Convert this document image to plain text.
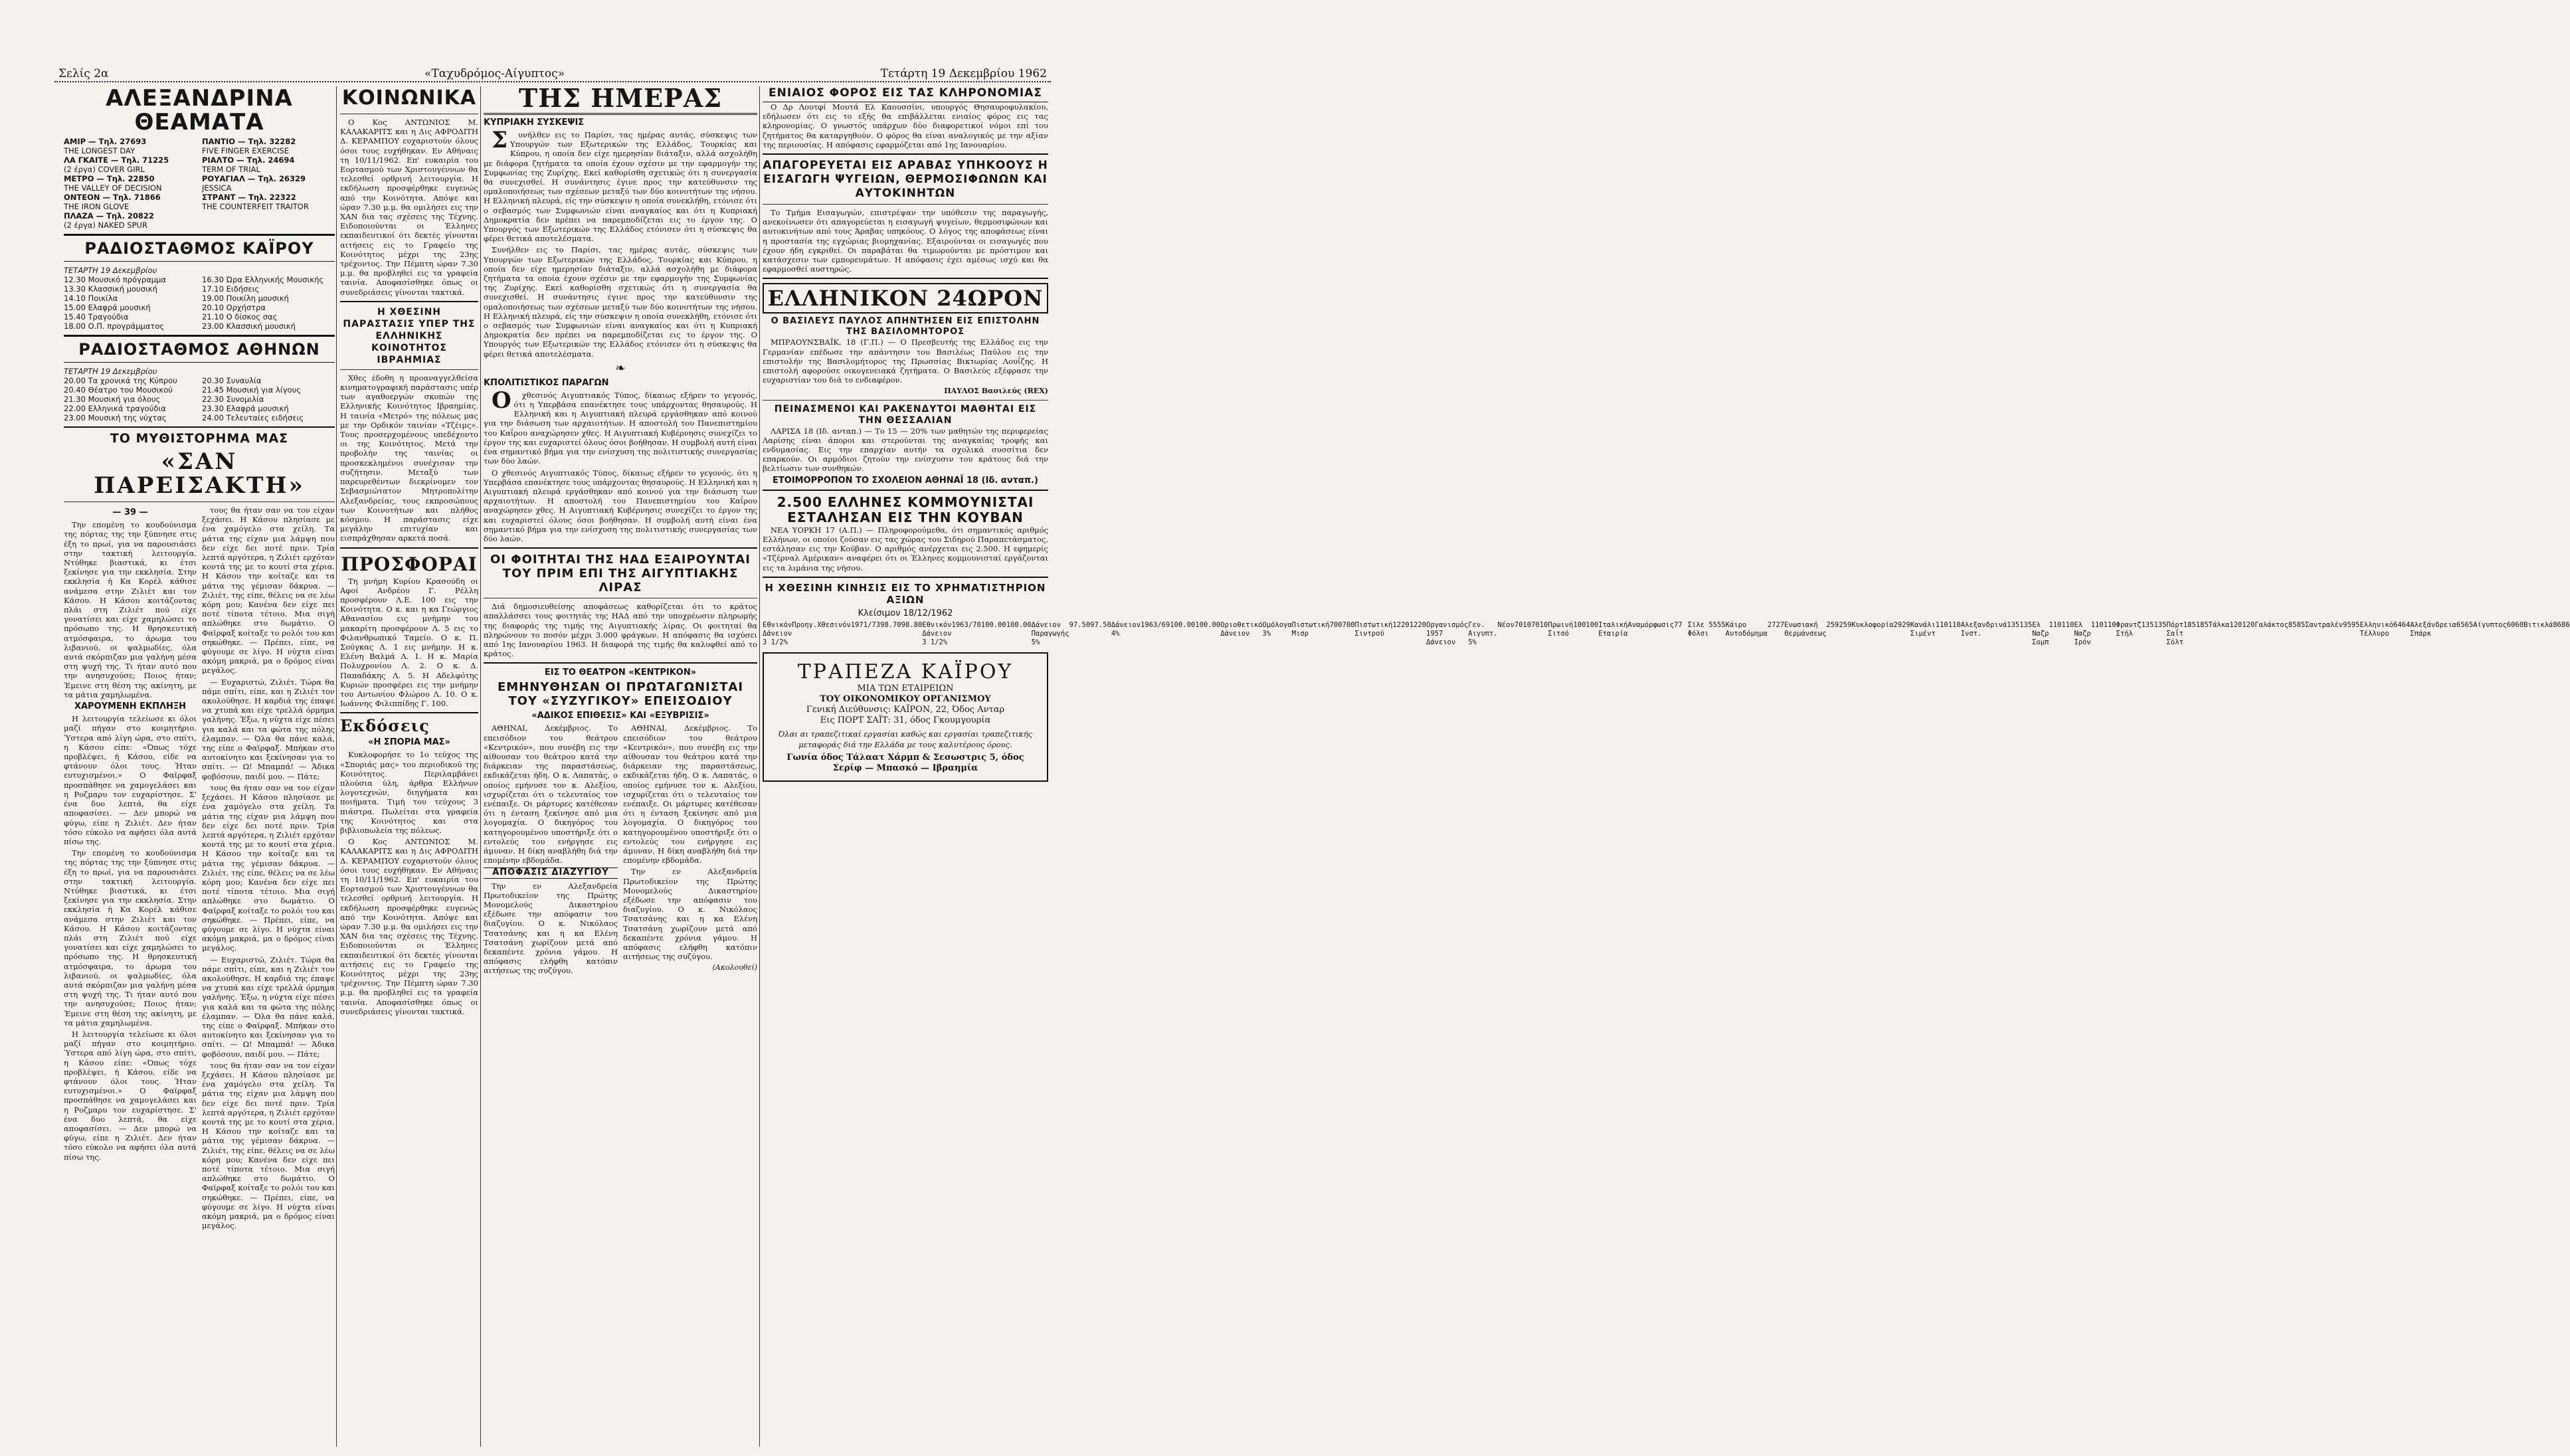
Σελίς 2α	«Ταχυδρόμος-Αίγυπτος»	Τετάρτη 19 Δεκεμβρίου 1962
ΑΛΕΞΑΝΔΡΙΝΑ ΘΕΑΜΑΤΑ
ΑΜΙΡ — Τηλ. 27693
THE LONGEST DAY
ΛΑ ΓΚΑΙΤΕ — Τηλ. 71225
(2 έργα) COVER GIRL
ΜΕΤΡΟ — Τηλ. 22850
THE VALLEY OF DECISION
ΟΝΤΕΟΝ — Τηλ. 71866
THE IRON GLOVE
ΠΛΑΖΑ — Τηλ. 20822
(2 έργα) NAKED SPUR
ΠΑΝΤΙΟ — Τηλ. 32282
FIVE FINGER EXERCISE
ΡΙΑΛΤΟ — Τηλ. 24694
TERM OF TRIAL
ΡΟΥΑΓΙΑΛ — Τηλ. 26329
JESSICA
ΣΤΡΑΝΤ — Τηλ. 22322
THE COUNTERFEIT TRAITOR
ΡΑΔΙΟΣΤΑΘΜΟΣ ΚΑΪΡΟΥ
ΤΕΤΑΡΤΗ 19 Δεκεμβρίου
12.30 Μουσικό πρόγραμμα
13.30 Κλασσική μουσική
14.10 Ποικίλα
15.00 Ελαφρά μουσική
15.40 Τραγούδια
18.00 Ο.Π. προγράμματος
16.30 Ώρα Ελληνικής Μουσικής
17.10 Ειδήσεις
19.00 Ποικίλη μουσική
20.10 Ορχήστρα
21.10 Ο δίσκος σας
23.00 Κλασσική μουσική
ΡΑΔΙΟΣΤΑΘΜΟΣ ΑΘΗΝΩΝ
ΤΕΤΑΡΤΗ 19 Δεκεμβρίου
20.00 Τα χρονικά της Κύπρου
20.40 Θέατρο του Μουσικού
21.30 Μουσική για όλους
22.00 Ελληνικά τραγούδια
23.00 Μουσική της νύχτας
20.30 Συναυλία
21.45 Μουσική για λίγους
22.30 Συνομιλία
23.30 Ελαφρά μουσική
24.00 Τελευταίες ειδήσεις
ΤΟ ΜΥΘΙΣΤΟΡΗΜΑ ΜΑΣ
«ΣΑΝ ΠΑΡΕΙΣΑΚΤΗ»
— 39 —

Την επομένη το κουδούνισμα της πόρτας της την ξύπνησε στις έξη το πρωί, για να παρουσιάσει στην τακτική λειτουργία. Ντύθηκε βιαστικά, κι έτσι ξεκίνησε για την εκκλησία. Στην εκκλησία ή Κα Κορέλ κάθισε ανάμεσα στην Ζιλιέτ και τον Κάσου. Η Κάσου κοιτάζοντας πλάι στη Ζιλιέτ πού είχε γονατίσει και είχε χαμηλώσει το πρόσωπο της. Η θρησκευτική ατμόσφαιρα, το άρωμα του λιβανιού, οι ψαλμωδίες, όλα αυτά σκόρπιζαν μια γαλήνη μέσα στη ψυχή της. Τι ήταν αυτό που την ανησυχούσε; Ποιος ήταν; Έμεινε στη θέση της ακίνητη, με τα μάτια χαμηλωμένα.

ΧΑΡΟΥΜΕΝΗ ΕΚΠΛΗΞΗ

Η λειτουργία τελείωσε κι όλοι μαζί πήγαν στο κοιμητήριο. Ύστερα από λίγη ώρα, στο σπίτι, η Κάσου είπε: «Όπως τόχε προβλέψει, ή Κάσου, είδε να φτάνουν όλοι τους. Ήταν ευτυχισμένοι.» Ο Φαϊρφαξ προσπάθησε να χαμογελάσει και η Ροζμαρυ τον ευχαρίστησε. Σ' ένα δυο λεπτά, θα είχε αποφασίσει. — Δεν μπορώ να φύγω, είπε η Ζιλιέτ. Δεν ήταν τόσο εύκολο να αφήσει όλα αυτά πίσω της.

Την επομένη το κουδούνισμα της πόρτας της την ξύπνησε στις έξη το πρωί, για να παρουσιάσει στην τακτική λειτουργία. Ντύθηκε βιαστικά, κι έτσι ξεκίνησε για την εκκλησία. Στην εκκλησία ή Κα Κορέλ κάθισε ανάμεσα στην Ζιλιέτ και τον Κάσου. Η Κάσου κοιτάζοντας πλάι στη Ζιλιέτ πού είχε γονατίσει και είχε χαμηλώσει το πρόσωπο της. Η θρησκευτική ατμόσφαιρα, το άρωμα του λιβανιού, οι ψαλμωδίες, όλα αυτά σκόρπιζαν μια γαλήνη μέσα στη ψυχή της. Τι ήταν αυτό που την ανησυχούσε; Ποιος ήταν; Έμεινε στη θέση της ακίνητη, με τα μάτια χαμηλωμένα.

Η λειτουργία τελείωσε κι όλοι μαζί πήγαν στο κοιμητήριο. Ύστερα από λίγη ώρα, στο σπίτι, η Κάσου είπε: «Όπως τόχε προβλέψει, ή Κάσου, είδε να φτάνουν όλοι τους. Ήταν ευτυχισμένοι.» Ο Φαϊρφαξ προσπάθησε να χαμογελάσει και η Ροζμαρυ τον ευχαρίστησε. Σ' ένα δυο λεπτά, θα είχε αποφασίσει. — Δεν μπορώ να φύγω, είπε η Ζιλιέτ. Δεν ήταν τόσο εύκολο να αφήσει όλα αυτά πίσω της.

τους θα ήταν σαν να τον είχαν ξεχάσει. Η Κάσου πλησίασε με ένα χαμόγελο στα χείλη. Τα μάτια της είχαν μια λάμψη που δεν είχε δει ποτέ πριν. Τρία λεπτά αργότερα, η Ζιλιέτ ερχόταν κοντά της με το κουτί στα χέρια. Η Κάσου την κοίταζε και τα μάτια της γέμισαν δάκρυα. — Ζιλιέτ, της είπε, θέλεις να σε λέω κόρη μου; Κανένα δεν είχε πει ποτέ τίποτα τέτοιο. Μια σιγή απλώθηκε στο δωμάτιο. Ο Φαϊρφαξ κοίταξε το ρολόι του και σηκώθηκε. — Πρέπει, είπε, να φύγουμε σε λίγο. Η νύχτα είναι ακόμη μακριά, μα ο δρόμος είναι μεγάλος.

— Ευχαριστώ, Ζιλιέτ. Τώρα θα πάμε σπίτι, είπε, και η Ζιλιέτ τον ακολούθησε. Η καρδιά της έπαψε να χτυπά και είχε τρελλά όρμημα γαλήνης. Έξω, η νύχτα είχε πέσει για καλά και τα φώτα της πόλης έλαμπαν. — Όλα θα πάνε καλά, της είπε ο Φαϊρφαξ. Μπήκαν στο αυτοκίνητο και ξεκίνησαν για το σπίτι. — Ω! Μπαμπά! — Άδικα φοβόσουν, παιδί μου. — Πάτε;

τους θα ήταν σαν να τον είχαν ξεχάσει. Η Κάσου πλησίασε με ένα χαμόγελο στα χείλη. Τα μάτια της είχαν μια λάμψη που δεν είχε δει ποτέ πριν. Τρία λεπτά αργότερα, η Ζιλιέτ ερχόταν κοντά της με το κουτί στα χέρια. Η Κάσου την κοίταζε και τα μάτια της γέμισαν δάκρυα. — Ζιλιέτ, της είπε, θέλεις να σε λέω κόρη μου; Κανένα δεν είχε πει ποτέ τίποτα τέτοιο. Μια σιγή απλώθηκε στο δωμάτιο. Ο Φαϊρφαξ κοίταξε το ρολόι του και σηκώθηκε. — Πρέπει, είπε, να φύγουμε σε λίγο. Η νύχτα είναι ακόμη μακριά, μα ο δρόμος είναι μεγάλος.

— Ευχαριστώ, Ζιλιέτ. Τώρα θα πάμε σπίτι, είπε, και η Ζιλιέτ τον ακολούθησε. Η καρδιά της έπαψε να χτυπά και είχε τρελλά όρμημα γαλήνης. Έξω, η νύχτα είχε πέσει για καλά και τα φώτα της πόλης έλαμπαν. — Όλα θα πάνε καλά, της είπε ο Φαϊρφαξ. Μπήκαν στο αυτοκίνητο και ξεκίνησαν για το σπίτι. — Ω! Μπαμπά! — Άδικα φοβόσουν, παιδί μου. — Πάτε;

τους θα ήταν σαν να τον είχαν ξεχάσει. Η Κάσου πλησίασε με ένα χαμόγελο στα χείλη. Τα μάτια της είχαν μια λάμψη που δεν είχε δει ποτέ πριν. Τρία λεπτά αργότερα, η Ζιλιέτ ερχόταν κοντά της με το κουτί στα χέρια. Η Κάσου την κοίταζε και τα μάτια της γέμισαν δάκρυα. — Ζιλιέτ, της είπε, θέλεις να σε λέω κόρη μου; Κανένα δεν είχε πει ποτέ τίποτα τέτοιο. Μια σιγή απλώθηκε στο δωμάτιο. Ο Φαϊρφαξ κοίταξε το ρολόι του και σηκώθηκε. — Πρέπει, είπε, να φύγουμε σε λίγο. Η νύχτα είναι ακόμη μακριά, μα ο δρόμος είναι μεγάλος.

ΚΟΙΝΩΝΙΚΑ

Ο Κος ΑΝΤΩΝΙΟΣ Μ. ΚΑΛΑΚΑΡΙΤΣ και η Δις ΑΦΡΟΔΙΤΗ Δ. ΚΕΡΑΜΠΟΥ ευχαριστούν όλους όσοι τους ευχήθηκαν. Εν Αθήναις τη 10/11/1962. Επ' ευκαιρία του Εορτασμού των Χριστουγέννων θα τελεσθεί ορθρινή λειτουργία. Η εκδήλωση προσφέρθηκε ευγενώς από την Κοινότητα. Απόψε και ώραν 7.30 μ.μ. θα ομιλήσει εις την ΧΑΝ δια τας σχέσεις της Τέχνης. Ειδοποιούνται οι Έλληνες εκπαιδευτικοί ότι δεκτές γίνονται αιτήσεις εις το Γραφείο της Κοινότητος μέχρι της 23ης τρέχοντος. Την Πέμπτη ώραν 7.30 μ.μ. θα προβληθεί εις τα γραφεία ταινία. Αποφασίσθηκε όπως οι συνεδριάσεις γίνονται τακτικά.

Η ΧΘΕΣΙΝΗ ΠΑΡΑΣΤΑΣΙΣ ΥΠΕΡ ΤΗΣ ΕΛΛΗΝΙΚΗΣ ΚΟΙΝΟΤΗΤΟΣ ΙΒΡΑΗΜΙΑΣ

Χθες έδοθη η προαναγγελθείσα κινηματογραφική παράστασις υπέρ των αγαθοεργών σκοπών της Ελληνικής Κοινότητος Ιβραημίας. Η ταινία «Μετρό» της πόλεως μας με την Ορδικόν ταινίαν «Τζέιμς». Τους προσερχομένους υπεδέχοντο οι της Κοινότητος. Μετά την προβολήν της ταινίας οι προσκεκλημένοι συνέχισαν την συζήτησιν. Μεταξύ των παρευρεθέντων διεκρίνομεν τον Σεβασμιώτατον Μητροπολίτην Αλεξανδρείας, τους εκπροσώπους των Κοινοτήτων και πλήθος κόσμου. Η παράστασις είχε μεγάλην επιτυχίαν και εισπράχθησαν αρκετά ποσά.

ΠΡΟΣΦΟΡΑΙ

Τη μνήμη Κυρίου Κρασούδη οι Αφοί Ανδρέου Γ. Ρέλλη προσφέρουν Λ.Ε. 100 εις την Κοινότητα. Ο κ. και η κα Γεώργιος Αθανασίου εις μνήμην του μακαρίτη προσφέρουν Λ. 5 εις το Φιλανθρωπικό Ταμείο. Ο κ. Π. Σούγκας Λ. 1 εις μνήμην. Η κ. Ελένη Βαλμά Λ. 1. Η κ. Μαρία Πολυχρονίου Λ. 2. Ο κ. Δ. Παπαδάκης Λ. 5. Η Αδελφότης Κυριών προσφέρει εις την μνήμην του Αντωνίου Φλώρου Λ. 10. Ο κ. Ιωάννης Φιλιππίδης Γ. 100.

Εκδόσεις
«Η ΣΠΟΡΙΑ ΜΑΣ»

Κυκλοφορήσε το 1ο τεύχος της «Σποριάς μας» του περιοδικού της Κοινότητος. Περιλαμβάνει πλούσια ύλη, άρθρα Ελλήνων λογοτεχνών, διηγήματα και ποιήματα. Τιμή του τεύχους 3 πιάστρα. Πωλείται στα γραφεία της Κοινότητος και στα βιβλιοπωλεία της πόλεως.

Ο Κος ΑΝΤΩΝΙΟΣ Μ. ΚΑΛΑΚΑΡΙΤΣ και η Δις ΑΦΡΟΔΙΤΗ Δ. ΚΕΡΑΜΠΟΥ ευχαριστούν όλους όσοι τους ευχήθηκαν. Εν Αθήναις τη 10/11/1962. Επ' ευκαιρία του Εορτασμού των Χριστουγέννων θα τελεσθεί ορθρινή λειτουργία. Η εκδήλωση προσφέρθηκε ευγενώς από την Κοινότητα. Απόψε και ώραν 7.30 μ.μ. θα ομιλήσει εις την ΧΑΝ δια τας σχέσεις της Τέχνης. Ειδοποιούνται οι Έλληνες εκπαιδευτικοί ότι δεκτές γίνονται αιτήσεις εις το Γραφείο της Κοινότητος μέχρι της 23ης τρέχοντος. Την Πέμπτη ώραν 7.30 μ.μ. θα προβληθεί εις τα γραφεία ταινία. Αποφασίσθηκε όπως οι συνεδριάσεις γίνονται τακτικά.

ΤΗΣ ΗΜΕΡΑΣ
ΚΥΠΡΙΑΚΗ ΣΥΣΚΕΨΙΣ

Συνήλθεν εις το Παρίσι, τας ημέρας αυτάς, σύσκεψις των Υπουργών των Εξωτερικών της Ελλάδος, Τουρκίας και Κύπρου, η οποία δεν είχε ημερησίαν διάταξιν, αλλά ασχολήθη με διάφορα ζητήματα τα οποία έχουν σχέσιν με την εφαρμογήν της Συμφωνίας της Ζυρίχης. Εκεί καθορίσθη σχετικώς ότι η συνεργασία θα συνεχισθεί. Η συνάντησις έγινε προς την κατεύθυνσιν της ομαλοποιήσεως των σχέσεων μεταξύ των δύο κοινοτήτων της νήσου. Η Ελληνική πλευρά, είς την σύσκεψιν η οποία συνεκλήθη, ετόνισε ότι ο σεβασμός των Συμφωνιών είναι αναγκαίος και ότι η Κυπριακή Δημοκρατία δεν πρέπει να παρεμποδίζεται εις το έργον της. Ο Υπουργός των Εξωτερικών της Ελλάδος ετόνισεν ότι η σύσκεψις θα φέρει θετικά αποτελέσματα.

Συνήλθεν εις το Παρίσι, τας ημέρας αυτάς, σύσκεψις των Υπουργών των Εξωτερικών της Ελλάδος, Τουρκίας και Κύπρου, η οποία δεν είχε ημερησίαν διάταξιν, αλλά ασχολήθη με διάφορα ζητήματα τα οποία έχουν σχέσιν με την εφαρμογήν της Συμφωνίας της Ζυρίχης. Εκεί καθορίσθη σχετικώς ότι η συνεργασία θα συνεχισθεί. Η συνάντησις έγινε προς την κατεύθυνσιν της ομαλοποιήσεως των σχέσεων μεταξύ των δύο κοινοτήτων της νήσου. Η Ελληνική πλευρά, είς την σύσκεψιν η οποία συνεκλήθη, ετόνισε ότι ο σεβασμός των Συμφωνιών είναι αναγκαίος και ότι η Κυπριακή Δημοκρατία δεν πρέπει να παρεμποδίζεται εις το έργον της. Ο Υπουργός των Εξωτερικών της Ελλάδος ετόνισεν ότι η σύσκεψις θα φέρει θετικά αποτελέσματα.

❧
ΚΠΟΛΙΤΙΣΤΙΚΟΣ ΠΑΡΑΓΩΝ

Οχθεσινός Αιγυπτιακός Τύπος, δίκαιως εξήρεν το γεγονός, ότι η Υπερβάσα επανέκτησε τους υπάρχοντας θησαυρούς. Η Ελληνική και η Αιγυπτιακή πλευρά εργάσθηκαν από κοινού για την διάσωση των αρχαιοτήτων. Η αποστολή του Πανεπιστημίου του Καΐρου αναχώρησεν χθες. Η Αιγυπτιακή Κυβέρνησις συνεχίζει το έργον της και ευχαριστεί όλους όσοι βοήθησαν. Η συμβολή αυτή είναι ένα σημαντικό βήμα για την ενίσχυση της πολιτιστικής συνεργασίας των δύο λαών.

Ο χθεσινός Αιγυπτιακός Τύπος, δίκαιως εξήρεν το γεγονός, ότι η Υπερβάσα επανέκτησε τους υπάρχοντας θησαυρούς. Η Ελληνική και η Αιγυπτιακή πλευρά εργάσθηκαν από κοινού για την διάσωση των αρχαιοτήτων. Η αποστολή του Πανεπιστημίου του Καΐρου αναχώρησεν χθες. Η Αιγυπτιακή Κυβέρνησις συνεχίζει το έργον της και ευχαριστεί όλους όσοι βοήθησαν. Η συμβολή αυτή είναι ένα σημαντικό βήμα για την ενίσχυση της πολιτιστικής συνεργασίας των δύο λαών.

ΟΙ ΦΟΙΤΗΤΑΙ ΤΗΣ ΗΑΔ ΕΞΑΙΡΟΥΝΤΑΙ ΤΟΥ ΠΡΙΜ ΕΠΙ ΤΗΣ ΑΙΓΥΠΤΙΑΚΗΣ ΛΙΡΑΣ

Διά δημοσιευθείσης αποφάσεως καθορίζεται ότι το κράτος απαλλάσσει τους φοιτητάς της ΗΑΔ από την υποχρέωσιν πληρωμής της διαφοράς της τιμής της Αιγυπτιακής λίρας. Οι φοιτηταί θα πληρώνουν το ποσόν μέχρι 3.000 φράγκων. Η απόφασις θα ισχύσει από 1ης Ιανουαρίου 1963. Η διαφορά της τιμής θα καλυφθεί από το κράτος.

ΕΙΣ ΤΟ ΘΕΑΤΡΟΝ «ΚΕΝΤΡΙΚΟΝ»
ΕΜΗΝΥΘΗΣΑΝ ΟΙ ΠΡΩΤΑΓΩΝΙΣΤΑΙ ΤΟΥ «ΣΥΖΥΓΙΚΟΥ» ΕΠΕΙΣΟΔΙΟΥ
«ΑΔΙΚΟΣ ΕΠΙΘΕΣΙΣ» ΚΑΙ «ΕΞΥΒΡΙΣΙΣ»

ΑΘΗΝΑΙ, Δεκέμβριος. Το επεισόδιον του θεάτρου «Κεντρικόν», που συνέβη εις την αίθουσαν του θεάτρου κατά την διάρκειαν της παραστάσεως, εκδικάζεται ήδη. Ο κ. Λαπατάς, ο οποίος εμήνυσε τον κ. Αλεξίου, ισχυρίζεται ότι ο τελευταίος τον ενέπαιξε. Οι μάρτυρες κατέθεσαν ότι η ένταση ξεκίνησε από μια λογομαχία. Ο δικηγόρος του κατηγορουμένου υποστήριξε ότι ο εντολεύς του ενήργησε εις άμυναν. Η δίκη αναβλήθη διά την επομένην εβδομάδα.

ΑΠΟΦΑΣΙΣ ΔΙΑΖΥΓΙΟΥ

Την εν Αλεξανδρεία Πρωτοδικείον της Πρώτης Μονομελούς Δικαστηρίου εξέδωσε την απόφασιν του διαζυγίου. Ο κ. Νικόλαος Τσατσάνης και η κα Ελένη Τσατσάνη χωρίζουν μετά από δεκαπέντε χρόνια γάμου. Η απόφασις ελήφθη κατόπιν αιτήσεως της συζύγου.

ΑΘΗΝΑΙ, Δεκέμβριος. Το επεισόδιον του θεάτρου «Κεντρικόν», που συνέβη εις την αίθουσαν του θεάτρου κατά την διάρκειαν της παραστάσεως, εκδικάζεται ήδη. Ο κ. Λαπατάς, ο οποίος εμήνυσε τον κ. Αλεξίου, ισχυρίζεται ότι ο τελευταίος τον ενέπαιξε. Οι μάρτυρες κατέθεσαν ότι η ένταση ξεκίνησε από μια λογομαχία. Ο δικηγόρος του κατηγορουμένου υποστήριξε ότι ο εντολεύς του ενήργησε εις άμυναν. Η δίκη αναβλήθη διά την επομένην εβδομάδα.

Την εν Αλεξανδρεία Πρωτοδικείον της Πρώτης Μονομελούς Δικαστηρίου εξέδωσε την απόφασιν του διαζυγίου. Ο κ. Νικόλαος Τσατσάνης και η κα Ελένη Τσατσάνη χωρίζουν μετά από δεκαπέντε χρόνια γάμου. Η απόφασις ελήφθη κατόπιν αιτήσεως της συζύγου.

(Ακολουθεί)
ΕΝΙΑΙΟΣ ΦΟΡΟΣ ΕΙΣ ΤΑΣ ΚΛΗΡΟΝΟΜΙΑΣ

Ο Δρ Λουτφί Μουτά Ελ Καουσσίνι, υπουργός Θησαυροφυλακίου, εδήλωσεν ότι εις το εξής θα επιβάλλεται ενιαίος φόρος εις τας κληρονομίας. Ο γνωστός υπάρχων δύο διαφορετικοί νόμοι επί του ζητήματος θα καταργηθούν. Ο φόρος θα είναι αναλογικός με την αξίαν της περιουσίας. Η απόφασις εφαρμόζεται από 1ης Ιανουαρίου.

ΑΠΑΓΟΡΕΥΕΤΑΙ ΕΙΣ ΑΡΑΒΑΣ ΥΠΗΚΟΟΥΣ Η ΕΙΣΑΓΩΓΗ ΨΥΓΕΙΩΝ, ΘΕΡΜΟΣΙΦΩΝΩΝ ΚΑΙ ΑΥΤΟΚΙΝΗΤΩΝ

Το Τμήμα Εισαγωγών, επιστρέψαν την υπόθεσιν της παραγωγής, ανεκοίνωσεν ότι απαγορεύεται η εισαγωγή ψυγείων, θερμοσιφώνων και αυτοκινήτων από τους Άραβας υπηκόους. Ο λόγος της αποφάσεως είναι η προστασία της εγχώριας βιομηχανίας. Εξαιρούνται οι εισαγωγές που έχουν ήδη εγκριθεί. Οι παραβάται θα τιμωρούνται με πρόστιμον και κατάσχεσιν των εμπορευμάτων. Η απόφασις έχει αμέσως ισχύ και θα εφαρμοσθεί αυστηρώς.

ΕΛΛΗΝΙΚΟΝ 24ΩΡΟΝ
Ο ΒΑΣΙΛΕΥΣ ΠΑΥΛΟΣ ΑΠΗΝΤΗΣΕΝ ΕΙΣ ΕΠΙΣΤΟΛΗΝ ΤΗΣ ΒΑΣΙΛΟΜΗΤΟΡΟΣ

ΜΠΡΑΟΥΝΣΒΑΪΚ, 18 (Γ.Π.) — Ο Πρεσβευτής της Ελλάδος εις την Γερμανίαν επέδωσε την απάντησιν του Βασιλέως Παύλου εις την επιστολήν της Βασιλομήτορος της Πρωσσίας Βικτωρίας Λουΐζης. Η επιστολή αφορούσε οικογενειακά ζητήματα. Ο Βασιλεύς εξέφρασε την ευχαριστίαν του διά το ενδιαφέρον.

ΠΑΥΛΟΣ Βασιλεύς (REX)
ΠΕΙΝΑΣΜΕΝΟΙ ΚΑΙ ΡΑΚΕΝΔΥΤΟΙ ΜΑΘΗΤΑΙ ΕΙΣ ΤΗΝ ΘΕΣΣΑΛΙΑΝ

ΛΑΡΙΣΑ 18 (Ιδ. ανταπ.) — Το 15 — 20% των μαθητών της περιφερείας Λαρίσης είναι άποροι και στερούνται της αναγκαίας τροφής και ενδυμασίας. Εις την επαρχίαν αυτήν τα σχολικά συσσίτια δεν επαρκούν. Οι αρμόδιοι ζητούν την ενίσχυσιν του κράτους διά την βελτίωσιν των συνθηκών.

ΕΤΟΙΜΟΡΡΟΠΟΝ ΤΟ ΣΧΟΛΕΙΟΝ ΑΘΗΝΑΪ 18 (Ιδ. ανταπ.)
2.500 ΕΛΛΗΝΕΣ ΚΟΜΜΟΥΝΙΣΤΑΙ ΕΣΤΑΛΗΣΑΝ ΕΙΣ ΤΗΝ ΚΟΥΒΑΝ

ΝΕΑ ΥΟΡΚΗ 17 (Α.Π.) — Πληροφορούμεθα, ότι σημαντικός αριθμός Ελλήνων, οι οποίοι ζούσαν εις τας χώρας του Σιδηρού Παραπετάσματος, εστάλησαν εις την Κούβαν. Ο αριθμός ανέρχεται εις 2.500. Η εφημερίς «Τζέρναλ Αμέρικαν» αναφέρει ότι οι Έλληνες κομμουνισταί εργάζονται εις τα λιμάνια της νήσου.

Η ΧΘΕΣΙΝΗ ΚΙΝΗΣΙΣ ΕΙΣ ΤΟ ΧΡΗΜΑΤΙΣΤΗΡΙΟΝ ΑΞΙΩΝ
Κλείσιμον 18/12/1962
Εθνικόν Δάνειον 3 1/2%
Προηγ. Χθεσινόν 1971/73 98.70 98.80 Εθνικόν Δάνειον 3 1/2%
1963/70 100.00 100.00 Δάνειον Παραγωγής 5%
97.50 97.50 Δάνειον 4%
1963/69 100.00 100.00 Οριοθετικό Δάνειον
Ομόλογα 3%
Πιστωτική Μισρ
700 700 Πιστωτική Σιντρού
1220 1220 Οργανισμός 1957 Δάνειον
Γεν. Αιγυπτ. 5%
Νέον 7010 7010 Πρωινή Σιτσό
100 100 Ιταλική Εταιρία
Αναμόρφωσις 7 7 Σίλε Φόλσι
55 55 Κάιρο Αυτοδόμημα
27 27 Ενωσιακή Θερμάνσεως
259 259 Κυκλοφορία 29 29 Κανάλι Σιμέντ
110 110 Αλεξανδρινά Ινστ.
135 135 Ελ Ναζρ Σομπ
110 110 Ελ Ναζρ Ιρόν
110 110 Φραντζ Στήλ
135 135 Πόρτ Σαΐτ Σόλτ
185 185 Τάλκα 120 120 Γαλάκτος 85 85 Σαντραλέν 95 95 Ελληνικό Τέλλυρο
64 64 Αλεξάνδρεια Σπάρκ
65 65 Αίγυπτος 60 60 Βιτικλά 86 86
ΤΡΑΠΕΖΑ ΚΑΪΡΟΥ
ΜΙΑ ΤΩΝ ΕΤΑΙΡΕΙΩΝ
ΤΟΥ ΟΙΚΟΝΟΜΙΚΟΥ ΟΡΓΑΝΙΣΜΟΥ
Γενική Διεύθυνσις: ΚΑΪΡΟΝ, 22, Όδος Ανταρ
Εις ΠΟΡΤ ΣΑΪΤ: 31, όδος Γκουμγουρία
Όλαι αι τραπεζιτικαί εργασίαι καθώς και εργασίαι τραπεζιτικής μεταφοράς διά την Ελλάδα με τους καλυτέρους όρους.
Γωνία όδος Τάλαατ Χάρμπ & Σεσωστρις 5, όδος Σερίφ — Μπασκό — Ιβραημία
